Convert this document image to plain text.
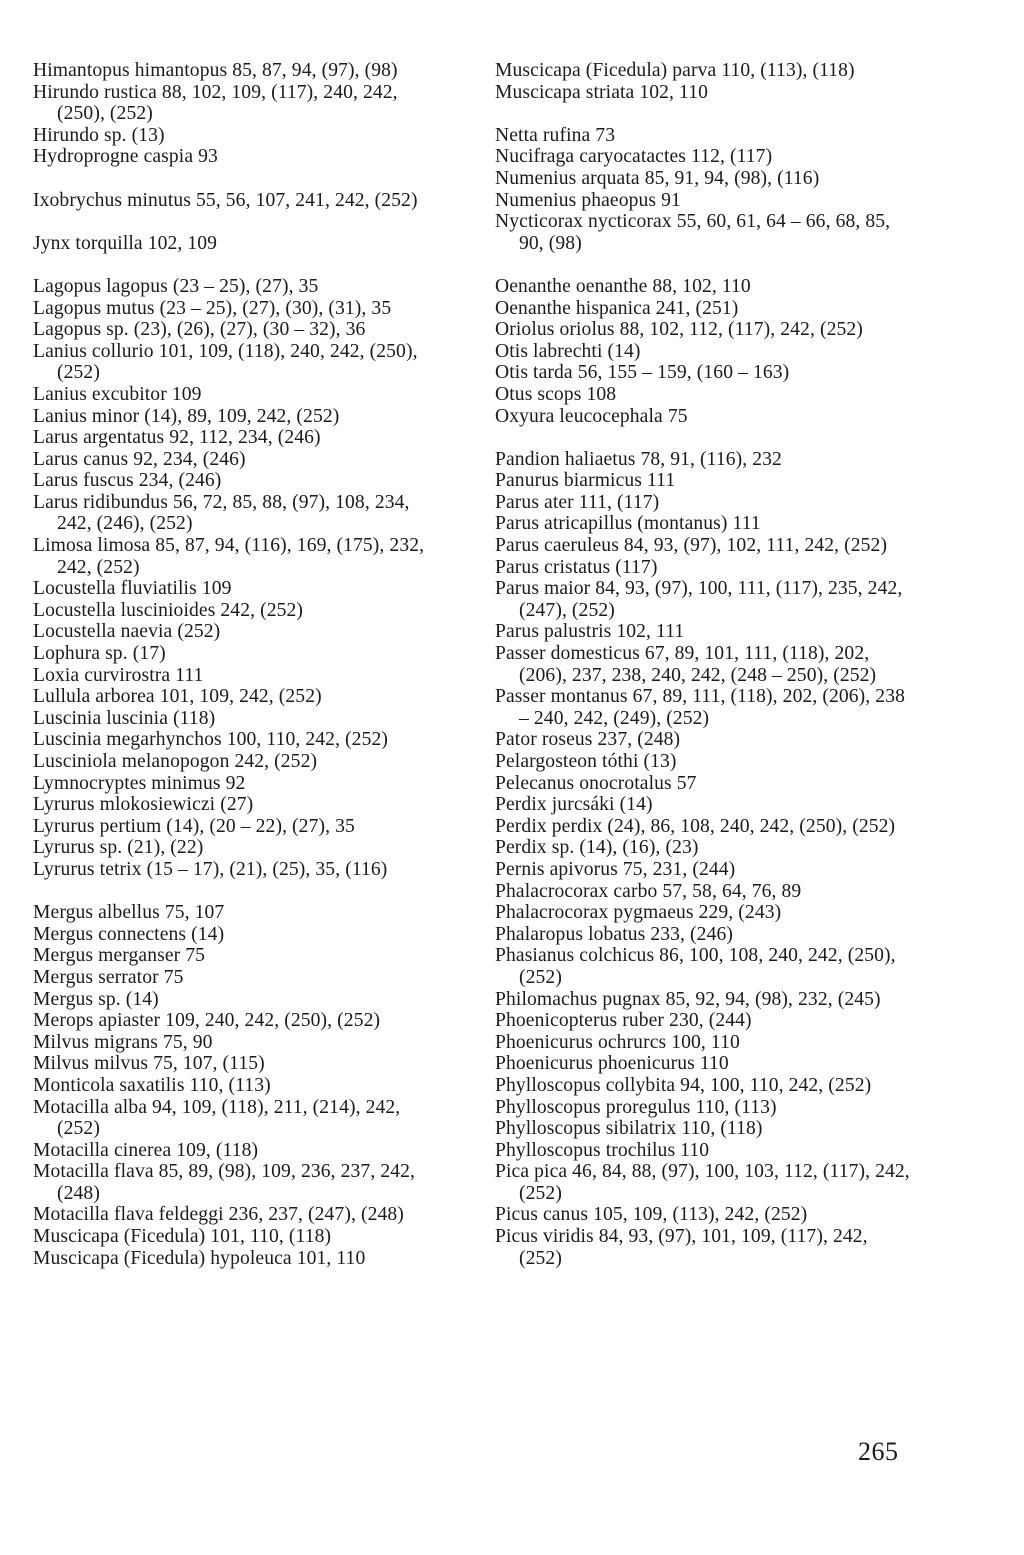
Himantopus himantopus 85, 87, 94, (97), (98)
Hirundo rustica 88, 102, 109, (117), 240, 242, (250), (252)
Hirundo sp. (13)
Hydroprogne caspia 93
Ixobrychus minutus 55, 56, 107, 241, 242, (252)
Jynx torquilla 102, 109
Lagopus lagopus (23 – 25), (27), 35
Lagopus mutus (23 – 25), (27), (30), (31), 35
Lagopus sp. (23), (26), (27), (30 – 32), 36
Lanius collurio 101, 109, (118), 240, 242, (250), (252)
Lanius excubitor 109
Lanius minor (14), 89, 109, 242, (252)
Larus argentatus 92, 112, 234, (246)
Larus canus 92, 234, (246)
Larus fuscus 234, (246)
Larus ridibundus 56, 72, 85, 88, (97), 108, 234, 242, (246), (252)
Limosa limosa 85, 87, 94, (116), 169, (175), 232, 242, (252)
Locustella fluviatilis 109
Locustella luscinioides 242, (252)
Locustella naevia (252)
Lophura sp. (17)
Loxia curvirostra 111
Lullula arborea 101, 109, 242, (252)
Luscinia luscinia (118)
Luscinia megarhynchos 100, 110, 242, (252)
Lusciniola melanopogon 242, (252)
Lymnocryptes minimus 92
Lyrurus mlokosiewiczi (27)
Lyrurus pertium (14), (20 – 22), (27), 35
Lyrurus sp. (21), (22)
Lyrurus tetrix (15 – 17), (21), (25), 35, (116)
Mergus albellus 75, 107
Mergus connectens (14)
Mergus merganser 75
Mergus serrator 75
Mergus sp. (14)
Merops apiaster 109, 240, 242, (250), (252)
Milvus migrans 75, 90
Milvus milvus 75, 107, (115)
Monticola saxatilis 110, (113)
Motacilla alba 94, 109, (118), 211, (214), 242, (252)
Motacilla cinerea 109, (118)
Motacilla flava 85, 89, (98), 109, 236, 237, 242, (248)
Motacilla flava feldeggi 236, 237, (247), (248)
Muscicapa (Ficedula) 101, 110, (118)
Muscicapa (Ficedula) hypoleuca 101, 110
Muscicapa (Ficedula) parva 110, (113), (118)
Muscicapa striata 102, 110
Netta rufina 73
Nucifraga caryocatactes 112, (117)
Numenius arquata 85, 91, 94, (98), (116)
Numenius phaeopus 91
Nycticorax nycticorax 55, 60, 61, 64 – 66, 68, 85, 90, (98)
Oenanthe oenanthe 88, 102, 110
Oenanthe hispanica 241, (251)
Oriolus oriolus 88, 102, 112, (117), 242, (252)
Otis labrechti (14)
Otis tarda 56, 155 – 159, (160 – 163)
Otus scops 108
Oxyura leucocephala 75
Pandion haliaetus 78, 91, (116), 232
Panurus biarmicus 111
Parus ater 111, (117)
Parus atricapillus (montanus) 111
Parus caeruleus 84, 93, (97), 102, 111, 242, (252)
Parus cristatus (117)
Parus maior 84, 93, (97), 100, 111, (117), 235, 242, (247), (252)
Parus palustris 102, 111
Passer domesticus 67, 89, 101, 111, (118), 202, (206), 237, 238, 240, 242, (248 – 250), (252)
Passer montanus 67, 89, 111, (118), 202, (206), 238 – 240, 242, (249), (252)
Pator roseus 237, (248)
Pelargosteon tóthi (13)
Pelecanus onocrotalus 57
Perdix jurcsáki (14)
Perdix perdix (24), 86, 108, 240, 242, (250), (252)
Perdix sp. (14), (16), (23)
Pernis apivorus 75, 231, (244)
Phalacrocorax carbo 57, 58, 64, 76, 89
Phalacrocorax pygmaeus 229, (243)
Phalaropus lobatus 233, (246)
Phasianus colchicus 86, 100, 108, 240, 242, (250), (252)
Philomachus pugnax 85, 92, 94, (98), 232, (245)
Phoenicopterus ruber 230, (244)
Phoenicurus ochrurcs 100, 110
Phoenicurus phoenicurus 110
Phylloscopus collybita 94, 100, 110, 242, (252)
Phylloscopus proregulus 110, (113)
Phylloscopus sibilatrix 110, (118)
Phylloscopus trochilus 110
Pica pica 46, 84, 88, (97), 100, 103, 112, (117), 242, (252)
Picus canus 105, 109, (113), 242, (252)
Picus viridis 84, 93, (97), 101, 109, (117), 242, (252)
265
